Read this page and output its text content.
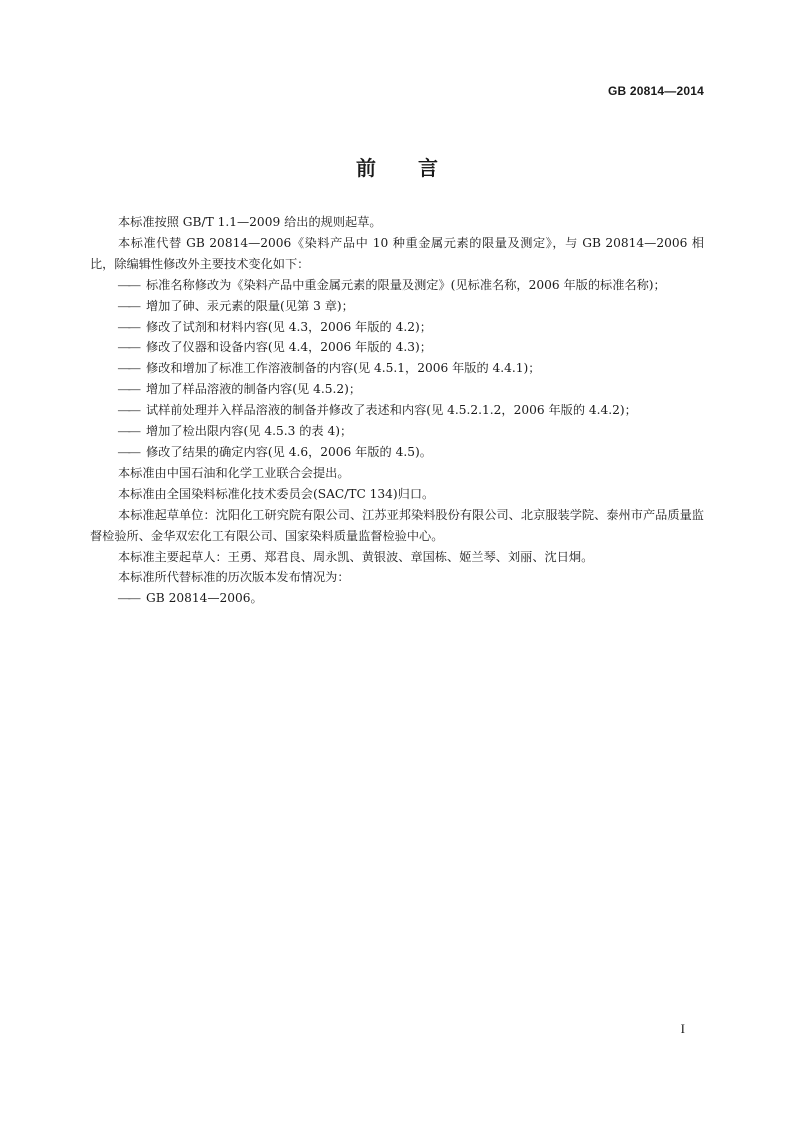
GB 20814—2014
前 言

本标准按照 GB/T 1.1—2009 给出的规则起草。

本标准代替 GB 20814—2006《染料产品中 10 种重金属元素的限量及测定》，与 GB 20814—2006 相比，除编辑性修改外主要技术变化如下：

—— 标准名称修改为《染料产品中重金属元素的限量及测定》(见标准名称，2006 年版的标准名称)；

—— 增加了砷、汞元素的限量(见第 3 章)；

—— 修改了试剂和材料内容(见 4.3，2006 年版的 4.2)；

—— 修改了仪器和设备内容(见 4.4，2006 年版的 4.3)；

—— 修改和增加了标准工作溶液制备的内容(见 4.5.1，2006 年版的 4.4.1)；

—— 增加了样品溶液的制备内容(见 4.5.2)；

—— 试样前处理并入样品溶液的制备并修改了表述和内容(见 4.5.2.1.2，2006 年版的 4.4.2)；

—— 增加了检出限内容(见 4.5.3 的表 4)；

—— 修改了结果的确定内容(见 4.6，2006 年版的 4.5)。

本标准由中国石油和化学工业联合会提出。

本标准由全国染料标准化技术委员会(SAC/TC 134)归口。

本标准起草单位：沈阳化工研究院有限公司、江苏亚邦染料股份有限公司、北京服装学院、泰州市产品质量监督检验所、金华双宏化工有限公司、国家染料质量监督检验中心。

本标准主要起草人：王勇、郑君良、周永凯、黄银波、章国栋、姬兰琴、刘丽、沈日炯。

本标准所代替标准的历次版本发布情况为：

—— GB 20814—2006。

I
